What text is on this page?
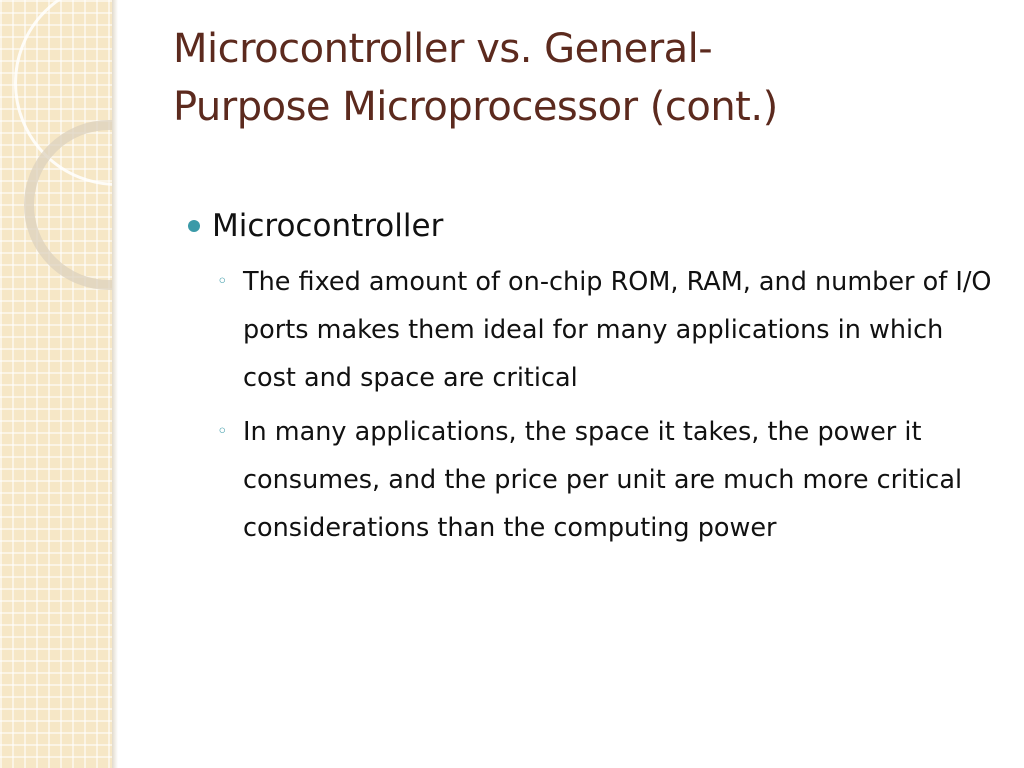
Microcontroller vs. General-
Purpose Microprocessor (cont.)
Microcontroller
◦ The fixed amount of on-chip ROM, RAM, and number of I/O ports makes them ideal for many applications in which cost and space are critical
◦ In many applications, the space it takes, the power it consumes, and the price per unit are much more critical considerations than the computing power
